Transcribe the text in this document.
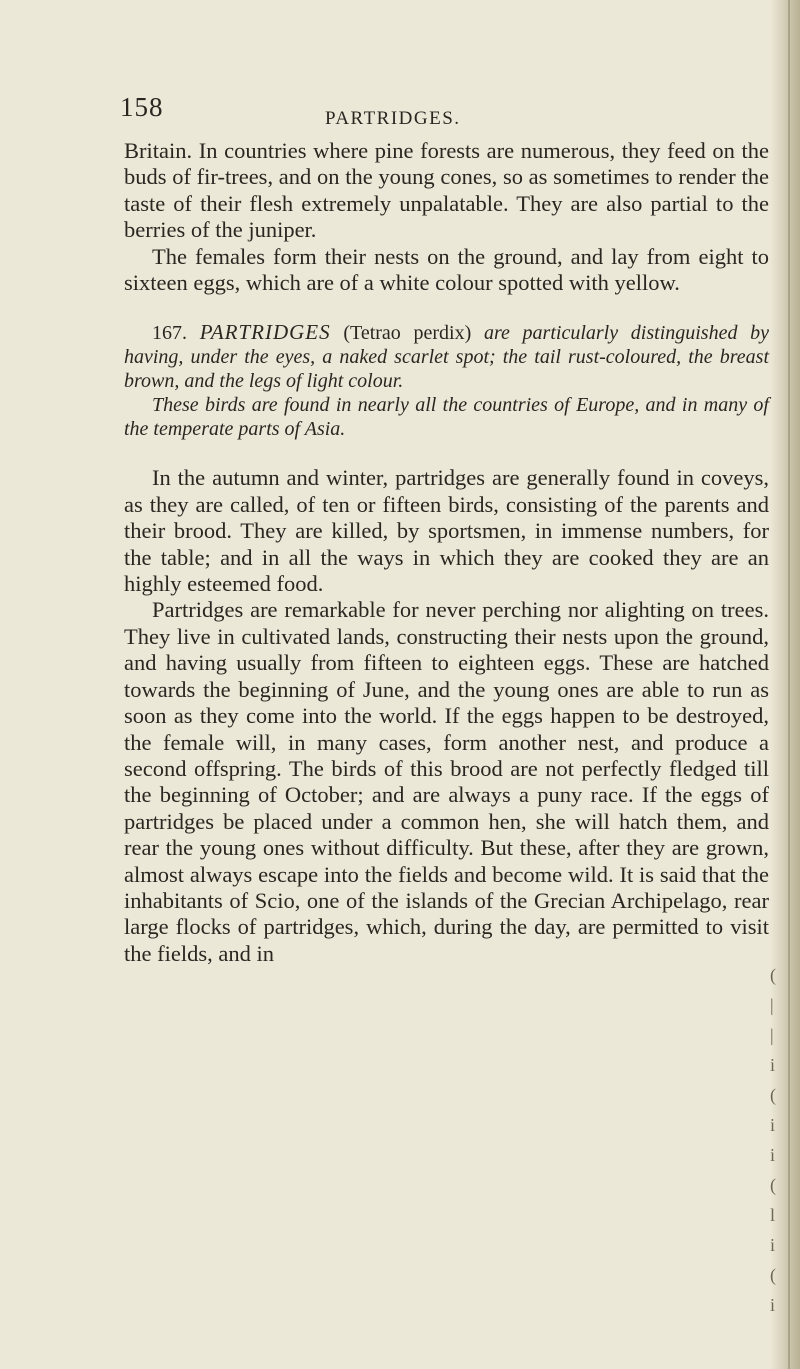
158	PARTRIDGES.

Britain. In countries where pine forests are numerous, they feed on the buds of fir-trees, and on the young cones, so as sometimes to render the taste of their flesh extremely unpalatable. They are also partial to the berries of the juniper.

The females form their nests on the ground, and lay from eight to sixteen eggs, which are of a white colour spotted with yellow.

167. PARTRIDGES (Tetrao perdix) are particularly distinguished by having, under the eyes, a naked scarlet spot; the tail rust-coloured, the breast brown, and the legs of light colour.

These birds are found in nearly all the countries of Europe, and in many of the temperate parts of Asia.

In the autumn and winter, partridges are generally found in coveys, as they are called, of ten or fifteen birds, consisting of the parents and their brood. They are killed, by sportsmen, in immense numbers, for the table; and in all the ways in which they are cooked they are an highly esteemed food.

Partridges are remarkable for never perching nor alighting on trees. They live in cultivated lands, constructing their nests upon the ground, and having usually from fifteen to eighteen eggs. These are hatched towards the beginning of June, and the young ones are able to run as soon as they come into the world. If the eggs happen to be destroyed, the female will, in many cases, form another nest, and produce a second offspring. The birds of this brood are not perfectly fledged till the beginning of October; and are always a puny race. If the eggs of partridges be placed under a common hen, she will hatch them, and rear the young ones without difficulty. But these, after they are grown, almost always escape into the fields and become wild. It is said that the inhabitants of Scio, one of the islands of the Grecian Archipelago, rear large flocks of partridges, which, during the day, are permitted to visit the fields, and in

(
|
|
i
(
i
i
(
l
i
(
i
